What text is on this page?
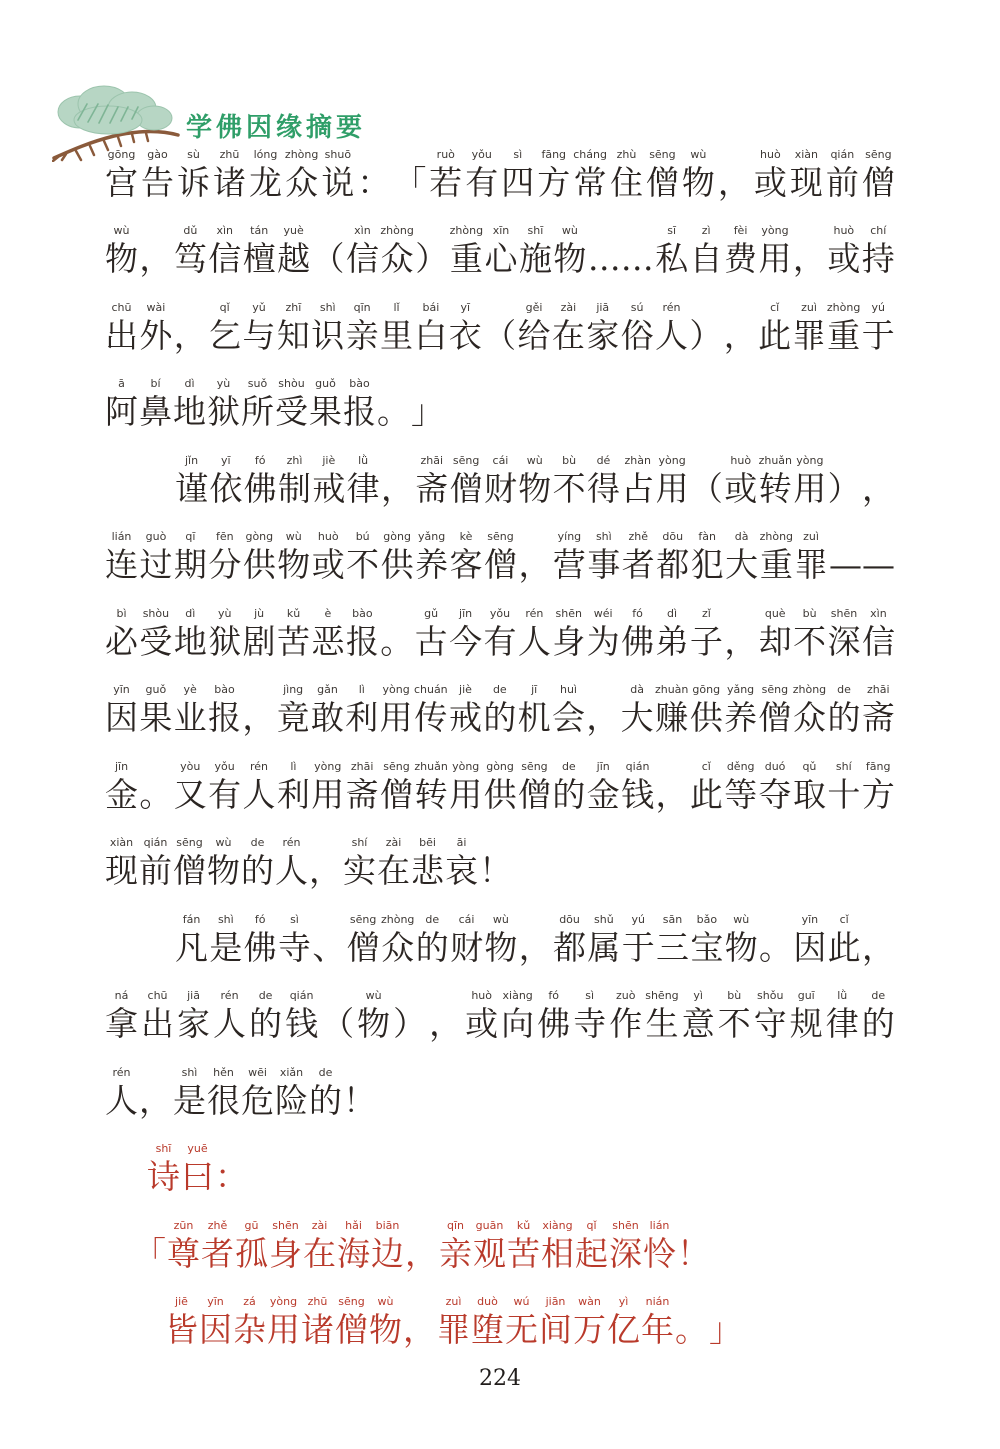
学佛因缘摘要
gōng
宫
gào
告
sù
诉
zhū
诸
lóng
龙
zhòng
众
shuō
说 ： 「
ruò
若
yǒu
有
sì
四
fāng
方
cháng
常
zhù
住
sēng
僧
wù
物 ，
huò
或
xiàn
现
qián
前
sēng
僧
wù
物 ，
dǔ
笃
xìn
信
tán
檀
yuè
越 （
xìn
信
zhòng
众 ）
zhòng
重
xīn
心
shī
施
wù
物 ……
sī
私
zì
自
fèi
费
yòng
用 ，
huò
或
chí
持
chū
出
wài
外 ，
qǐ
乞
yǔ
与
zhī
知
shì
识
qīn
亲
lǐ
里
bái
白
yī
衣 （
gěi
给
zài
在
jiā
家
sú
俗
rén
人 ） ，
cǐ
此
zuì
罪
zhòng
重
yú
于
ā
阿
bí
鼻
dì
地
yù
狱
suǒ
所
shòu
受
guǒ
果
bào
报 。 」
jǐn
谨
yī
依
fó
佛
zhì
制
jiè
戒
lǜ
律 ，
zhāi
斋
sēng
僧
cái
财
wù
物
bù
不
dé
得
zhàn
占
yòng
用 （
huò
或
zhuǎn
转
yòng
用 ） ，
lián
连
guò
过
qī
期
fēn
分
gòng
供
wù
物
huò
或
bú
不
gòng
供
yǎng
养
kè
客
sēng
僧 ，
yíng
营
shì
事
zhě
者
dōu
都
fàn
犯
dà
大
zhòng
重
zuì
罪 ——
bì
必
shòu
受
dì
地
yù
狱
jù
剧
kǔ
苦
è
恶
bào
报 。
gǔ
古
jīn
今
yǒu
有
rén
人
shēn
身
wéi
为
fó
佛
dì
弟
zǐ
子 ，
què
却
bù
不
shēn
深
xìn
信
yīn
因
guǒ
果
yè
业
bào
报 ，
jìng
竟
gǎn
敢
lì
利
yòng
用
chuán
传
jiè
戒
de
的
jī
机
huì
会 ，
dà
大
zhuàn
赚
gōng
供
yǎng
养
sēng
僧
zhòng
众
de
的
zhāi
斋
jīn
金 。
yòu
又
yǒu
有
rén
人
lì
利
yòng
用
zhāi
斋
sēng
僧
zhuǎn
转
yòng
用
gòng
供
sēng
僧
de
的
jīn
金
qián
钱 ，
cǐ
此
děng
等
duó
夺
qǔ
取
shí
十
fāng
方
xiàn
现
qián
前
sēng
僧
wù
物
de
的
rén
人 ，
shí
实
zài
在
bēi
悲
āi
哀 ！
fán
凡
shì
是
fó
佛
sì
寺 、
sēng
僧
zhòng
众
de
的
cái
财
wù
物 ，
dōu
都
shǔ
属
yú
于
sān
三
bǎo
宝
wù
物 。
yīn
因
cǐ
此 ，
ná
拿
chū
出
jiā
家
rén
人
de
的
qián
钱 （
wù
物 ） ，
huò
或
xiàng
向
fó
佛
sì
寺
zuò
作
shēng
生
yì
意
bù
不
shǒu
守
guī
规
lǜ
律
de
的
rén
人 ，
shì
是
hěn
很
wēi
危
xiǎn
险
de
的 ！
shī
诗
yuē
曰 ：
「
zūn
尊
zhě
者
gū
孤
shēn
身
zài
在
hǎi
海
biān
边 ，
qīn
亲
guān
观
kǔ
苦
xiàng
相
qǐ
起
shēn
深
lián
怜 ！
jiē
皆
yīn
因
zá
杂
yòng
用
zhū
诸
sēng
僧
wù
物 ，
zuì
罪
duò
堕
wú
无
jiān
间
wàn
万
yì
亿
nián
年 。 」
224
